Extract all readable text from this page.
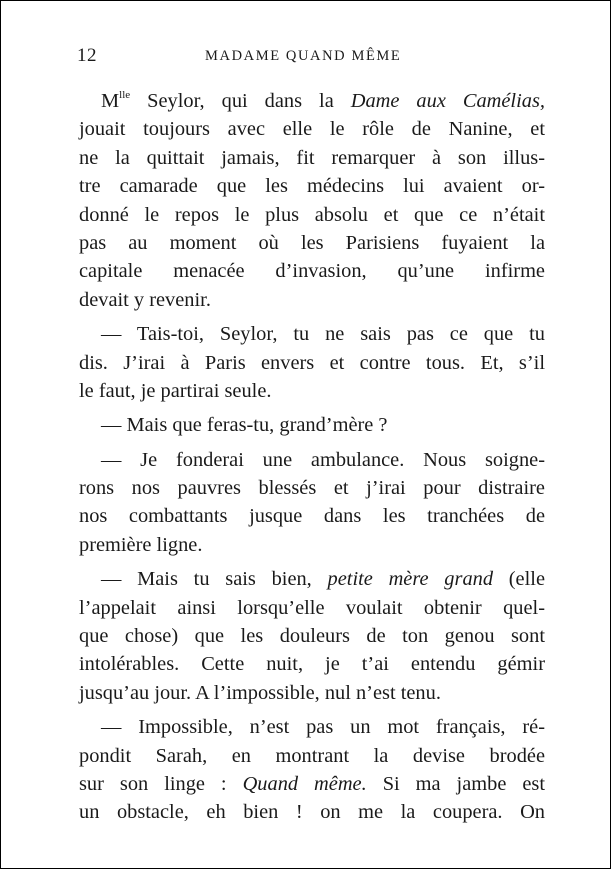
12	MADAME QUAND MÊME
$M^{lle}$ Seylor, qui dans la Dame aux Camélias,
jouait toujours avec elle le rôle de Nanine, et
ne la quittait jamais, fit remarquer à son illus-
tre camarade que les médecins lui avaient or-
donné le repos le plus absolu et que ce n’était
pas au moment où les Parisiens fuyaient la
capitale menacée d’invasion, qu’une infirme
devait y revenir.
— Tais-toi, Seylor, tu ne sais pas ce que tu
dis. J’irai à Paris envers et contre tous. Et, s’il
le faut, je partirai seule.
— Mais que feras-tu, grand’mère ?
— Je fonderai une ambulance. Nous soigne-
rons nos pauvres blessés et j’irai pour distraire
nos combattants jusque dans les tranchées de
première ligne.
— Mais tu sais bien, petite mère grand (elle
l’appelait ainsi lorsqu’elle voulait obtenir quel-
que chose) que les douleurs de ton genou sont
intolérables. Cette nuit, je t’ai entendu gémir
jusqu’au jour. A l’impossible, nul n’est tenu.
— Impossible, n’est pas un mot français, ré-
pondit Sarah, en montrant la devise brodée
sur son linge : Quand même. Si ma jambe est
un obstacle, eh bien ! on me la coupera. On
